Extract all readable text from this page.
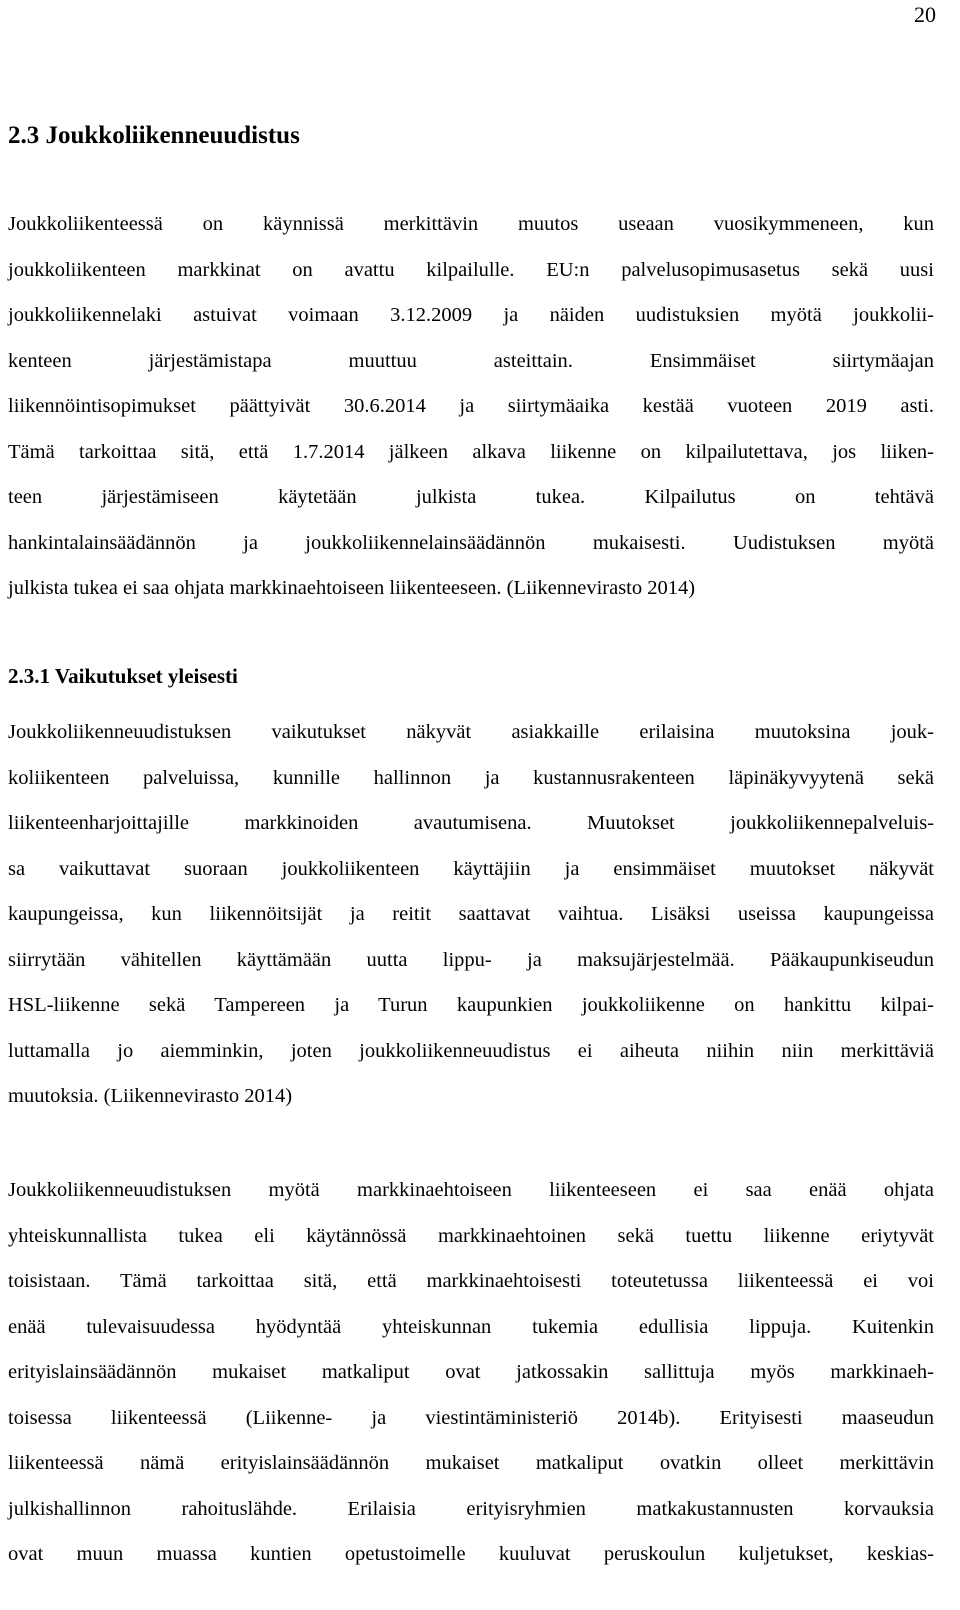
20
2.3 Joukkoliikenneuudistus
Joukkoliikenteessä on käynnissä merkittävin muutos useaan vuosikymmeneen, kun
joukkoliikenteen markkinat on avattu kilpailulle. EU:n palvelusopimusasetus sekä uusi
joukkoliikennelaki astuivat voimaan 3.12.2009 ja näiden uudistuksien myötä joukkolii-
kenteen järjestämistapa muuttuu asteittain. Ensimmäiset siirtymäajan
liikennöintisopimukset päättyivät 30.6.2014 ja siirtymäaika kestää vuoteen 2019 asti.
Tämä tarkoittaa sitä, että 1.7.2014 jälkeen alkava liikenne on kilpailutettava, jos liiken-
teen järjestämiseen käytetään julkista tukea. Kilpailutus on tehtävä
hankintalainsäädännön ja joukkoliikennelainsäädännön mukaisesti. Uudistuksen myötä
julkista tukea ei saa ohjata markkinaehtoiseen liikenteeseen. (Liikennevirasto 2014)
2.3.1 Vaikutukset yleisesti
Joukkoliikenneuudistuksen vaikutukset näkyvät asiakkaille erilaisina muutoksina jouk-
koliikenteen palveluissa, kunnille hallinnon ja kustannusrakenteen läpinäkyvyytenä sekä
liikenteenharjoittajille markkinoiden avautumisena. Muutokset joukkoliikennepalveluis-
sa vaikuttavat suoraan joukkoliikenteen käyttäjiin ja ensimmäiset muutokset näkyvät
kaupungeissa, kun liikennöitsijät ja reitit saattavat vaihtua. Lisäksi useissa kaupungeissa
siirrytään vähitellen käyttämään uutta lippu- ja maksujärjestelmää. Pääkaupunkiseudun
HSL-liikenne sekä Tampereen ja Turun kaupunkien joukkoliikenne on hankittu kilpai-
luttamalla jo aiemminkin, joten joukkoliikenneuudistus ei aiheuta niihin niin merkittäviä
muutoksia. (Liikennevirasto 2014)
Joukkoliikenneuudistuksen myötä markkinaehtoiseen liikenteeseen ei saa enää ohjata
yhteiskunnallista tukea eli käytännössä markkinaehtoinen sekä tuettu liikenne eriytyvät
toisistaan. Tämä tarkoittaa sitä, että markkinaehtoisesti toteutetussa liikenteessä ei voi
enää tulevaisuudessa hyödyntää yhteiskunnan tukemia edullisia lippuja. Kuitenkin
erityislainsäädännön mukaiset matkaliput ovat jatkossakin sallittuja myös markkinaeh-
toisessa liikenteessä (Liikenne- ja viestintäministeriö 2014b). Erityisesti maaseudun
liikenteessä nämä erityislainsäädännön mukaiset matkaliput ovatkin olleet merkittävin
julkishallinnon rahoituslähde. Erilaisia erityisryhmien matkakustannusten korvauksia
ovat muun muassa kuntien opetustoimelle kuuluvat peruskoulun kuljetukset, keskias-
